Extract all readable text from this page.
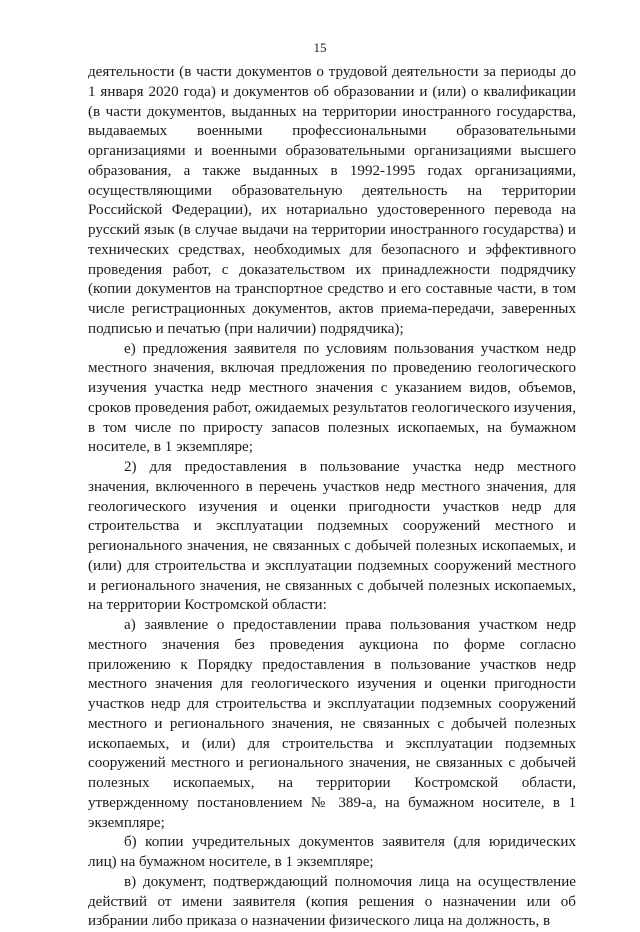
15

деятельности (в части документов о трудовой деятельности за периоды до 1 января 2020 года) и документов об образовании и (или) о квалификации (в части документов, выданных на территории иностранного государства, выдаваемых военными профессиональными образовательными организациями и военными образовательными организациями высшего образования, а также выданных в 1992-1995 годах организациями, осуществляющими образовательную деятельность на территории Российской Федерации), их нотариально удостоверенного перевода на русский язык (в случае выдачи на территории иностранного государства) и технических средствах, необходимых для безопасного и эффективного проведения работ, с доказательством их принадлежности подрядчику (копии документов на транспортное средство и его составные части, в том числе регистрационных документов, актов приема-передачи, заверенных подписью и печатью (при наличии) подрядчика);

е) предложения заявителя по условиям пользования участком недр местного значения, включая предложения по проведению геологического изучения участка недр местного значения с указанием видов, объемов, сроков проведения работ, ожидаемых результатов геологического изучения, в том числе по приросту запасов полезных ископаемых, на бумажном носителе, в 1 экземпляре;

2) для предоставления в пользование участка недр местного значения, включенного в перечень участков недр местного значения, для геологического изучения и оценки пригодности участков недр для строительства и эксплуатации подземных сооружений местного и регионального значения, не связанных с добычей полезных ископаемых, и (или) для строительства и эксплуатации подземных сооружений местного и регионального значения, не связанных с добычей полезных ископаемых, на территории Костромской области:

а) заявление о предоставлении права пользования участком недр местного значения без проведения аукциона по форме согласно приложению к Порядку предоставления в пользование участков недр местного значения для геологического изучения и оценки пригодности участков недр для строительства и эксплуатации подземных сооружений местного и регионального значения, не связанных с добычей полезных ископаемых, и (или) для строительства и эксплуатации подземных сооружений местного и регионального значения, не связанных с добычей полезных ископаемых, на территории Костромской области, утвержденному постановлением № 389-а, на бумажном носителе, в 1 экземпляре;

б) копии учредительных документов заявителя (для юридических лиц) на бумажном носителе, в 1 экземпляре;

в) документ, подтверждающий полномочия лица на осуществление действий от имени заявителя (копия решения о назначении или об избрании либо приказа о назначении физического лица на должность, в
